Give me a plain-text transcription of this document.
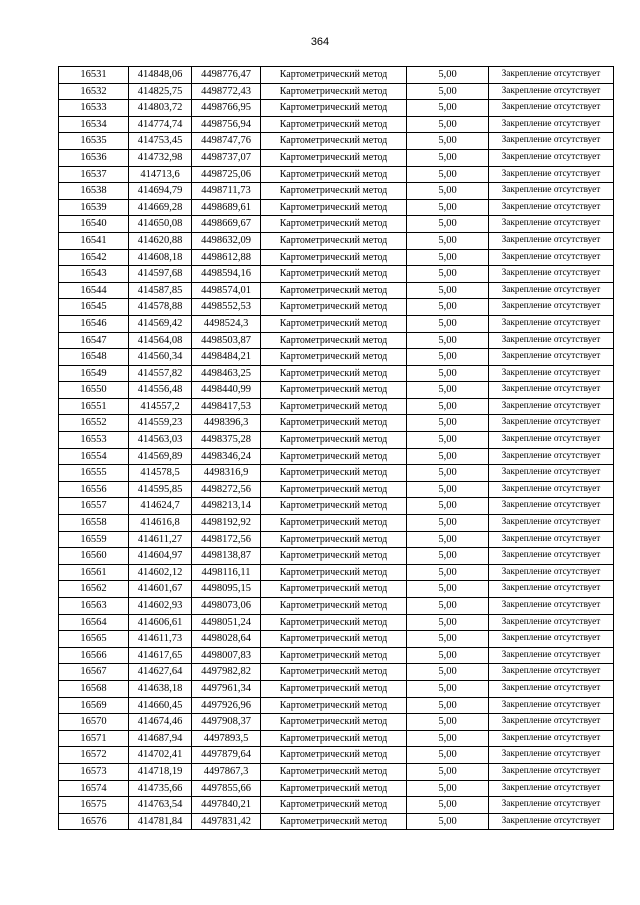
364
16531	414848,06	4498776,47	Картометрический метод	5,00	Закрепление отсутствует
16532	414825,75	4498772,43	Картометрический метод	5,00	Закрепление отсутствует
16533	414803,72	4498766,95	Картометрический метод	5,00	Закрепление отсутствует
16534	414774,74	4498756,94	Картометрический метод	5,00	Закрепление отсутствует
16535	414753,45	4498747,76	Картометрический метод	5,00	Закрепление отсутствует
16536	414732,98	4498737,07	Картометрический метод	5,00	Закрепление отсутствует
16537	414713,6	4498725,06	Картометрический метод	5,00	Закрепление отсутствует
16538	414694,79	4498711,73	Картометрический метод	5,00	Закрепление отсутствует
16539	414669,28	4498689,61	Картометрический метод	5,00	Закрепление отсутствует
16540	414650,08	4498669,67	Картометрический метод	5,00	Закрепление отсутствует
16541	414620,88	4498632,09	Картометрический метод	5,00	Закрепление отсутствует
16542	414608,18	4498612,88	Картометрический метод	5,00	Закрепление отсутствует
16543	414597,68	4498594,16	Картометрический метод	5,00	Закрепление отсутствует
16544	414587,85	4498574,01	Картометрический метод	5,00	Закрепление отсутствует
16545	414578,88	4498552,53	Картометрический метод	5,00	Закрепление отсутствует
16546	414569,42	4498524,3	Картометрический метод	5,00	Закрепление отсутствует
16547	414564,08	4498503,87	Картометрический метод	5,00	Закрепление отсутствует
16548	414560,34	4498484,21	Картометрический метод	5,00	Закрепление отсутствует
16549	414557,82	4498463,25	Картометрический метод	5,00	Закрепление отсутствует
16550	414556,48	4498440,99	Картометрический метод	5,00	Закрепление отсутствует
16551	414557,2	4498417,53	Картометрический метод	5,00	Закрепление отсутствует
16552	414559,23	4498396,3	Картометрический метод	5,00	Закрепление отсутствует
16553	414563,03	4498375,28	Картометрический метод	5,00	Закрепление отсутствует
16554	414569,89	4498346,24	Картометрический метод	5,00	Закрепление отсутствует
16555	414578,5	4498316,9	Картометрический метод	5,00	Закрепление отсутствует
16556	414595,85	4498272,56	Картометрический метод	5,00	Закрепление отсутствует
16557	414624,7	4498213,14	Картометрический метод	5,00	Закрепление отсутствует
16558	414616,8	4498192,92	Картометрический метод	5,00	Закрепление отсутствует
16559	414611,27	4498172,56	Картометрический метод	5,00	Закрепление отсутствует
16560	414604,97	4498138,87	Картометрический метод	5,00	Закрепление отсутствует
16561	414602,12	4498116,11	Картометрический метод	5,00	Закрепление отсутствует
16562	414601,67	4498095,15	Картометрический метод	5,00	Закрепление отсутствует
16563	414602,93	4498073,06	Картометрический метод	5,00	Закрепление отсутствует
16564	414606,61	4498051,24	Картометрический метод	5,00	Закрепление отсутствует
16565	414611,73	4498028,64	Картометрический метод	5,00	Закрепление отсутствует
16566	414617,65	4498007,83	Картометрический метод	5,00	Закрепление отсутствует
16567	414627,64	4497982,82	Картометрический метод	5,00	Закрепление отсутствует
16568	414638,18	4497961,34	Картометрический метод	5,00	Закрепление отсутствует
16569	414660,45	4497926,96	Картометрический метод	5,00	Закрепление отсутствует
16570	414674,46	4497908,37	Картометрический метод	5,00	Закрепление отсутствует
16571	414687,94	4497893,5	Картометрический метод	5,00	Закрепление отсутствует
16572	414702,41	4497879,64	Картометрический метод	5,00	Закрепление отсутствует
16573	414718,19	4497867,3	Картометрический метод	5,00	Закрепление отсутствует
16574	414735,66	4497855,66	Картометрический метод	5,00	Закрепление отсутствует
16575	414763,54	4497840,21	Картометрический метод	5,00	Закрепление отсутствует
16576	414781,84	4497831,42	Картометрический метод	5,00	Закрепление отсутствует
